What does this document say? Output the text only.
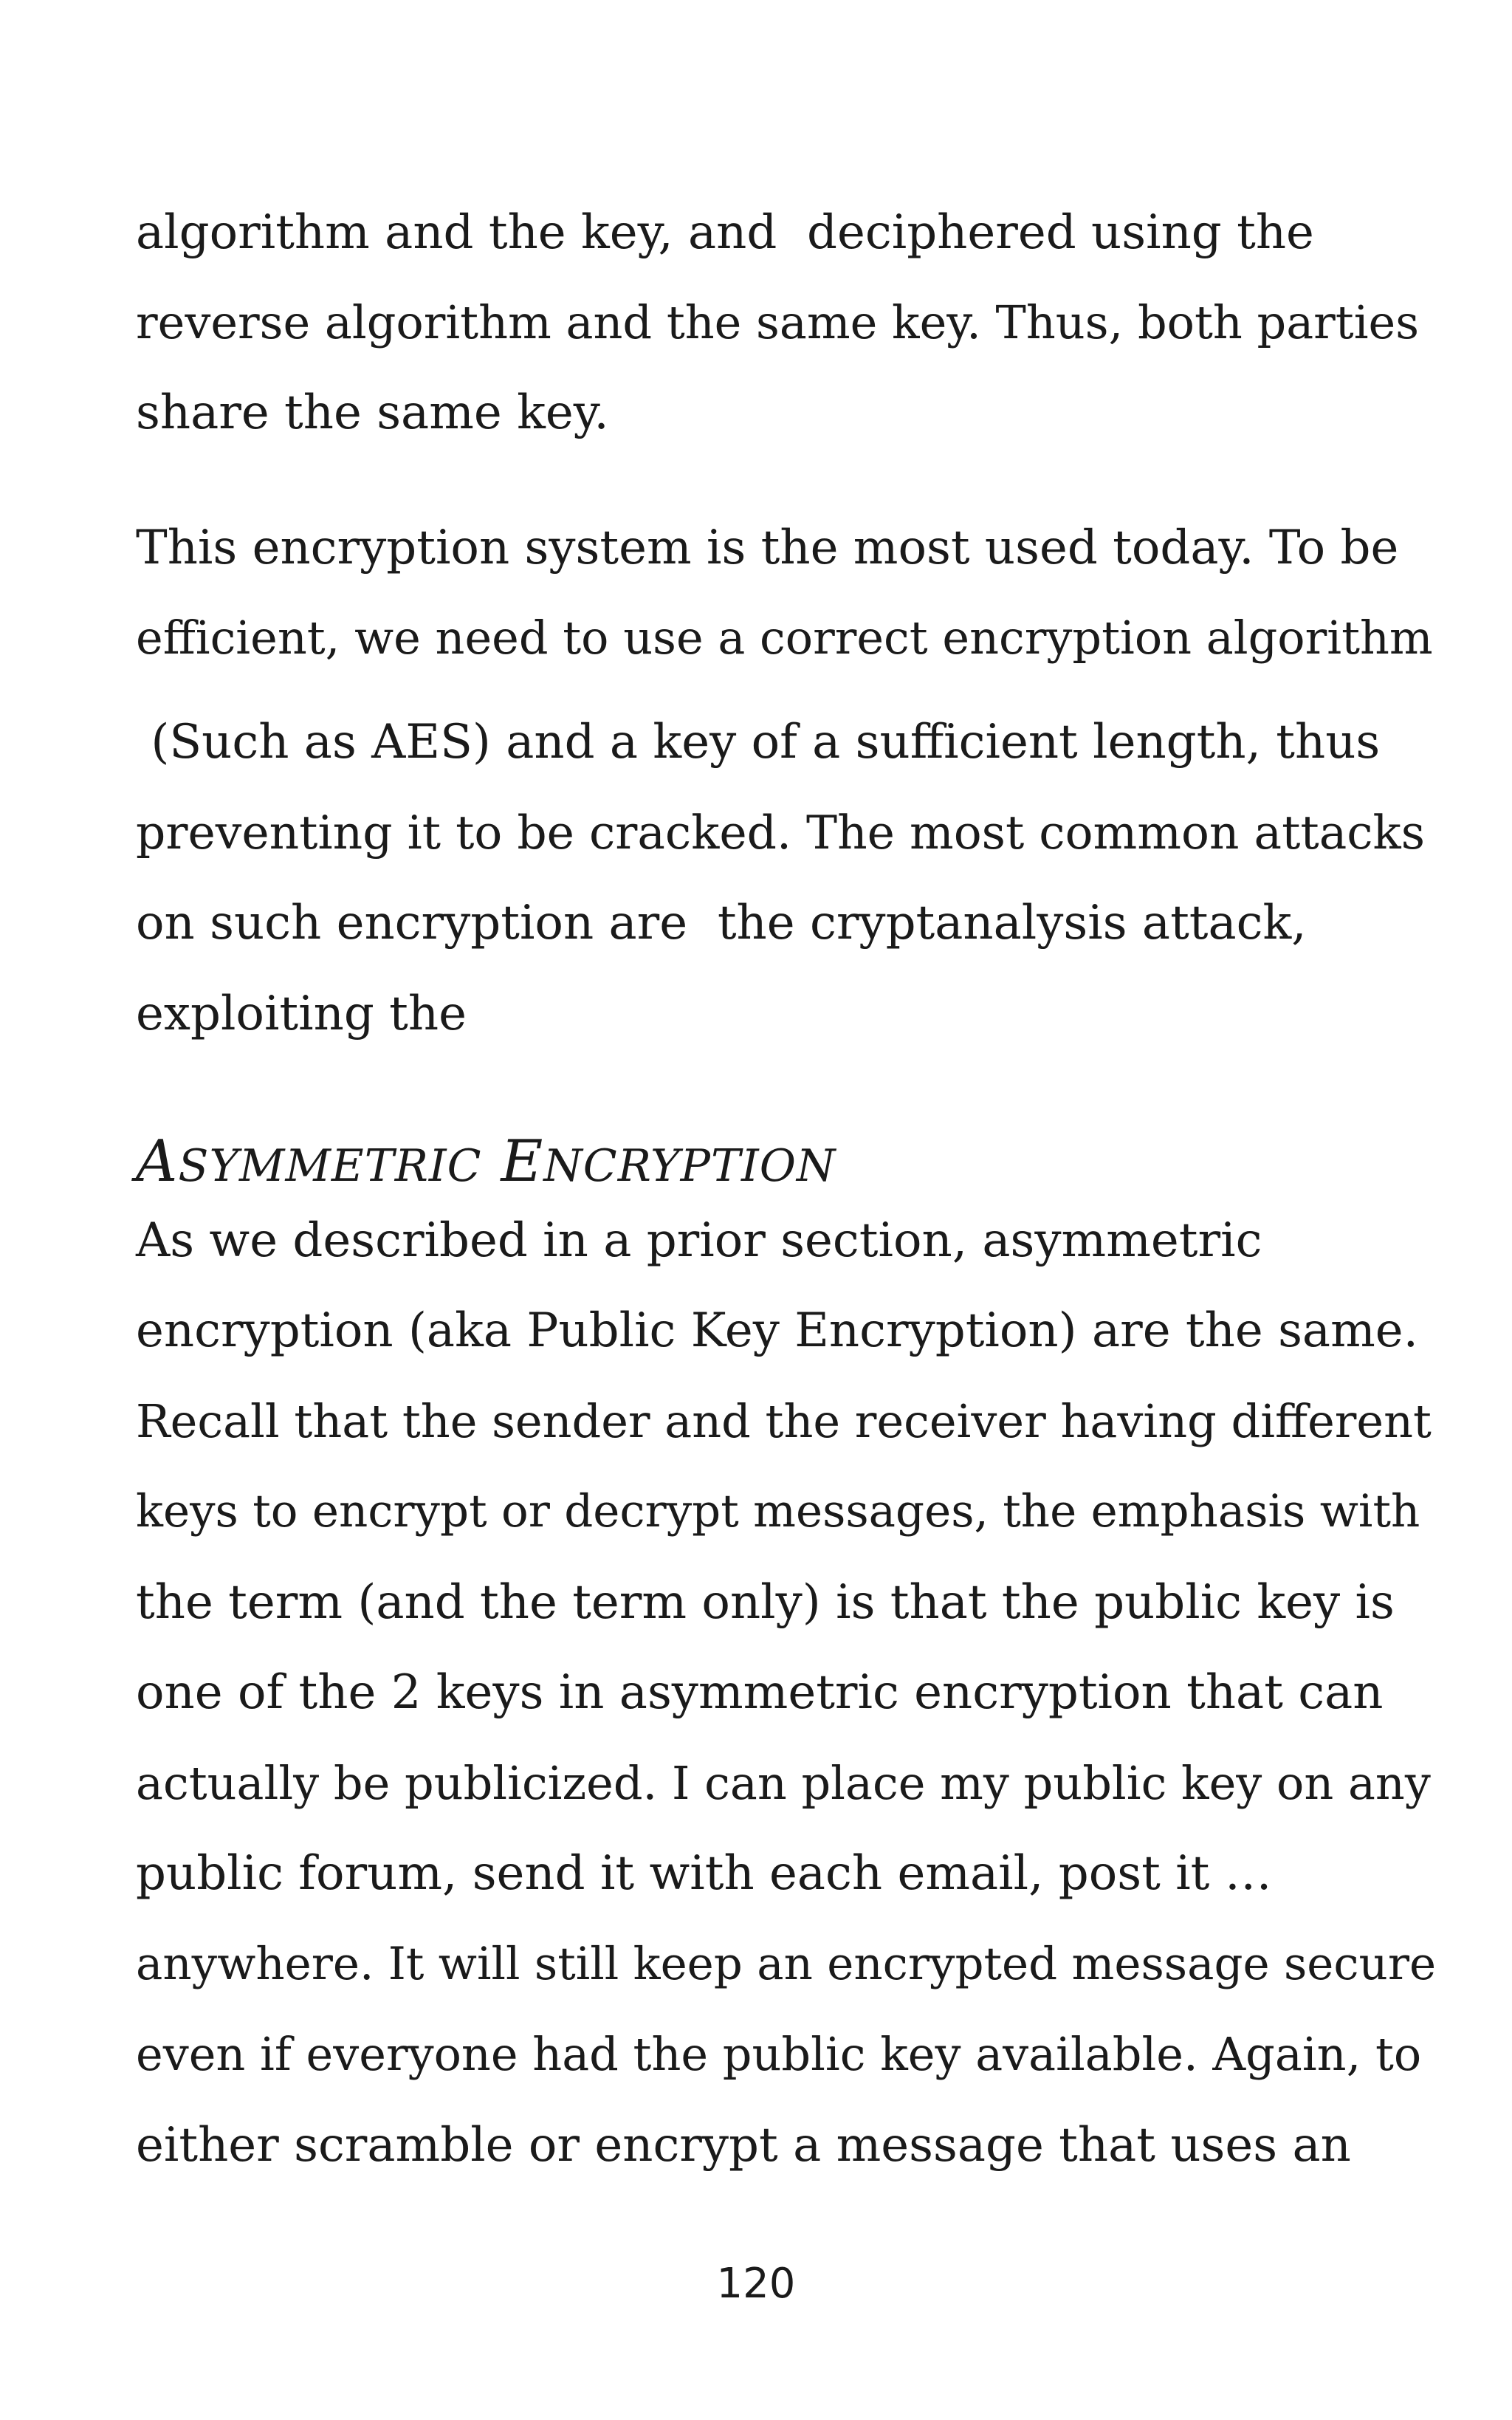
algorithm and the key, and  deciphered using the
reverse algorithm and the same key. Thus, both parties
share the same key.
This encryption system is the most used today. To be
efficient, we need to use a correct encryption algorithm
(Such as AES) and a key of a sufficient length, thus
preventing it to be cracked. The most common attacks
on such encryption are  the cryptanalysis attack,
exploiting the
ASYMMETRIC ENCRYPTION
As we described in a prior section, asymmetric
encryption (aka Public Key Encryption) are the same.
Recall that the sender and the receiver having different
keys to encrypt or decrypt messages, the emphasis with
the term (and the term only) is that the public key is
one of the 2 keys in asymmetric encryption that can
actually be publicized. I can place my public key on any
public forum, send it with each email, post it …
anywhere. It will still keep an encrypted message secure
even if everyone had the public key available. Again, to
either scramble or encrypt a message that uses an
120
